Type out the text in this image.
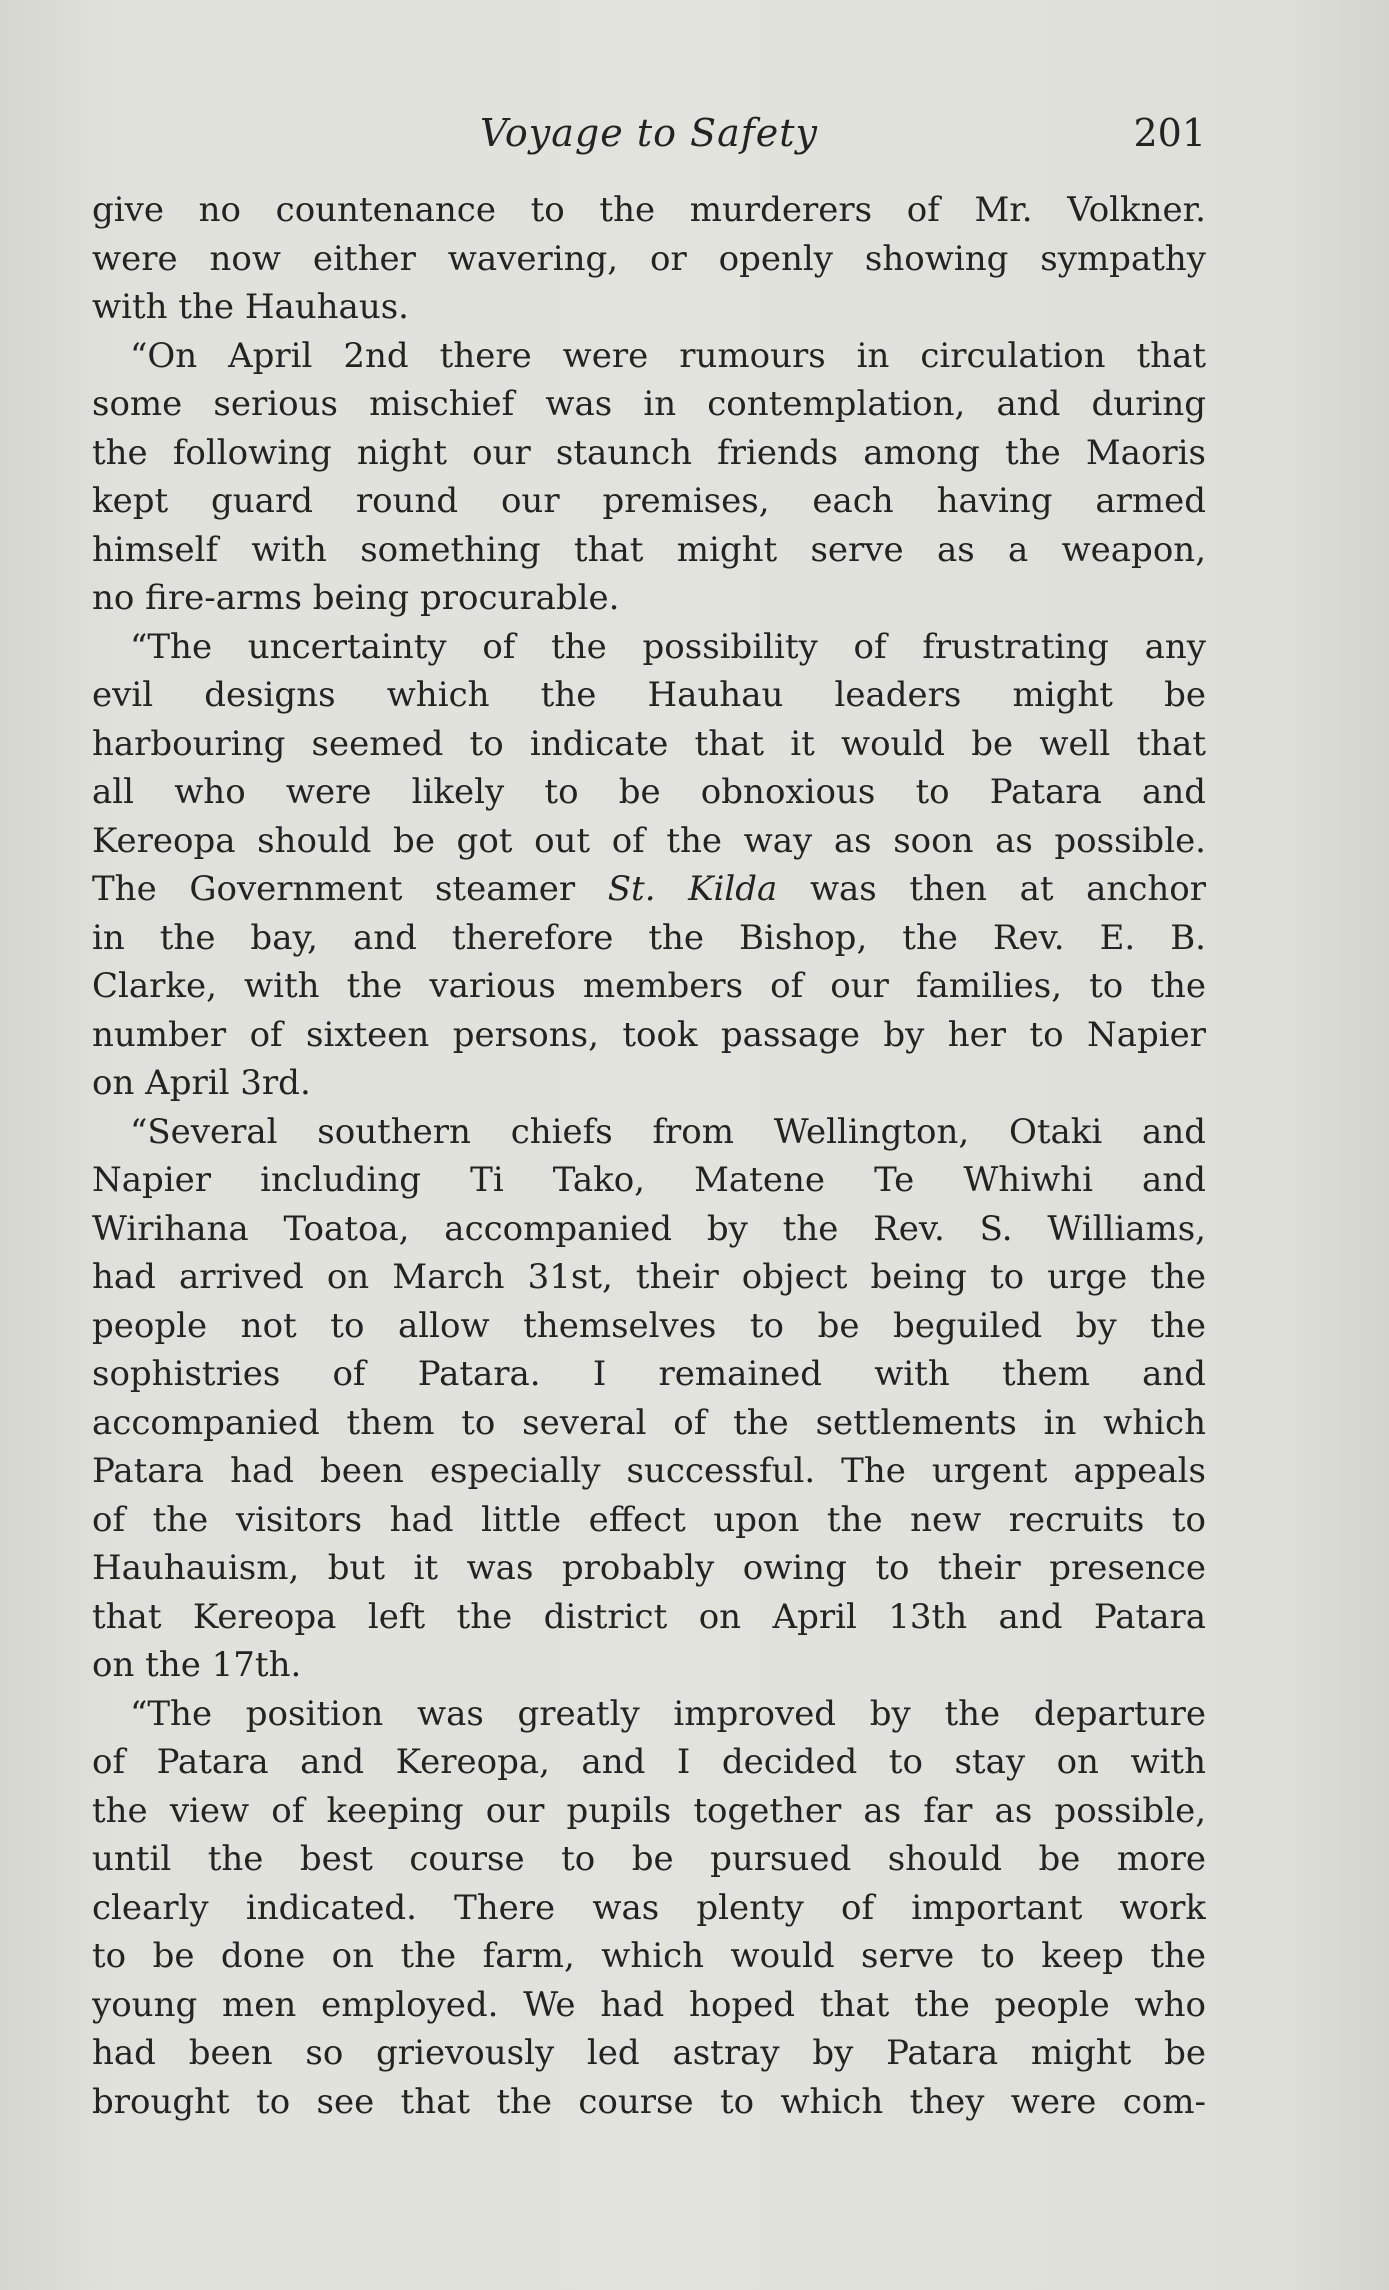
Voyage to Safety	201
give no countenance to the murderers of Mr. Volkner.
were now either wavering, or openly showing sympathy
with the Hauhaus.
“On April 2nd there were rumours in circulation that
some serious mischief was in contemplation, and during
the following night our staunch friends among the Maoris
kept guard round our premises, each having armed
himself with something that might serve as a weapon,
no fire-arms being procurable.
“The uncertainty of the possibility of frustrating any
evil designs which the Hauhau leaders might be
harbouring seemed to indicate that it would be well that
all who were likely to be obnoxious to Patara and
Kereopa should be got out of the way as soon as possible.
The Government steamer St. Kilda was then at anchor
in the bay, and therefore the Bishop, the Rev. E. B.
Clarke, with the various members of our families, to the
number of sixteen persons, took passage by her to Napier
on April 3rd.
“Several southern chiefs from Wellington, Otaki and
Napier including Ti Tako, Matene Te Whiwhi and
Wirihana Toatoa, accompanied by the Rev. S. Williams,
had arrived on March 31st, their object being to urge the
people not to allow themselves to be beguiled by the
sophistries of Patara. I remained with them and
accompanied them to several of the settlements in which
Patara had been especially successful. The urgent appeals
of the visitors had little effect upon the new recruits to
Hauhauism, but it was probably owing to their presence
that Kereopa left the district on April 13th and Patara
on the 17th.
“The position was greatly improved by the departure
of Patara and Kereopa, and I decided to stay on with
the view of keeping our pupils together as far as possible,
until the best course to be pursued should be more
clearly indicated. There was plenty of important work
to be done on the farm, which would serve to keep the
young men employed. We had hoped that the people who
had been so grievously led astray by Patara might be
brought to see that the course to which they were com-
